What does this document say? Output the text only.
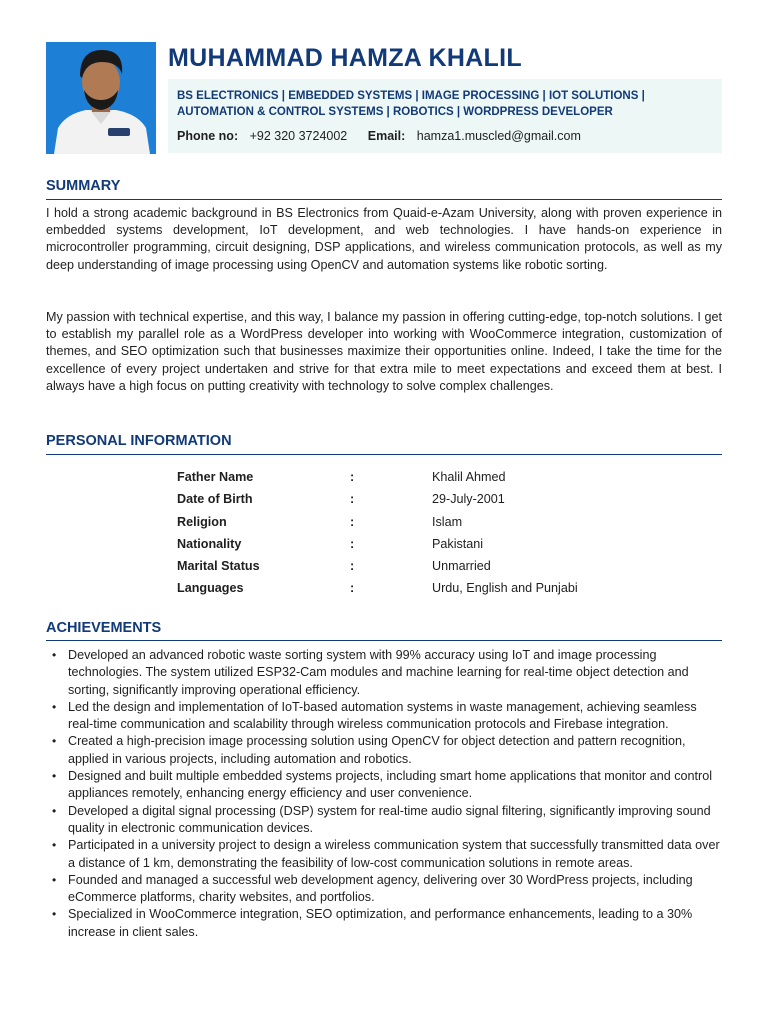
MUHAMMAD HAMZA KHALIL
BS ELECTRONICS | EMBEDDED SYSTEMS | IMAGE PROCESSING | IOT SOLUTIONS |
AUTOMATION & CONTROL SYSTEMS | ROBOTICS | WORDPRESS DEVELOPER
Phone no: +92 320 3724002 Email: hamza1.muscled@gmail.com
SUMMARY

I hold a strong academic background in BS Electronics from Quaid-e-Azam University, along with proven experience in embedded systems development, IoT development, and web technologies. I have hands-on experience in microcontroller programming, circuit designing, DSP applications, and wireless communication protocols, as well as my deep understanding of image processing using OpenCV and automation systems like robotic sorting.

My passion with technical expertise, and this way, I balance my passion in offering cutting-edge, top-notch solutions. I get to establish my parallel role as a WordPress developer into working with WooCommerce integration, customization of themes, and SEO optimization such that businesses maximize their opportunities online. Indeed, I take the time for the excellence of every project undertaken and strive for that extra mile to meet expectations and exceed them at best. I always have a high focus on putting creativity with technology to solve complex challenges.

PERSONAL INFORMATION
Father Name	:	Khalil Ahmed
Date of Birth	:	29-July-2001
Religion	:	Islam
Nationality	:	Pakistani
Marital Status	:	Unmarried
Languages	:	Urdu, English and Punjabi
ACHIEVEMENTS
• Developed an advanced robotic waste sorting system with 99% accuracy using IoT and image processing technologies. The system utilized ESP32-Cam modules and machine learning for real-time object detection and sorting, significantly improving operational efficiency.
• Led the design and implementation of IoT-based automation systems in waste management, achieving seamless real-time communication and scalability through wireless communication protocols and Firebase integration.
• Created a high-precision image processing solution using OpenCV for object detection and pattern recognition, applied in various projects, including automation and robotics.
• Designed and built multiple embedded systems projects, including smart home applications that monitor and control appliances remotely, enhancing energy efficiency and user convenience.
• Developed a digital signal processing (DSP) system for real-time audio signal filtering, significantly improving sound quality in electronic communication devices.
• Participated in a university project to design a wireless communication system that successfully transmitted data over a distance of 1 km, demonstrating the feasibility of low-cost communication solutions in remote areas.
• Founded and managed a successful web development agency, delivering over 30 WordPress projects, including eCommerce platforms, charity websites, and portfolios.
• Specialized in WooCommerce integration, SEO optimization, and performance enhancements, leading to a 30% increase in client sales.
